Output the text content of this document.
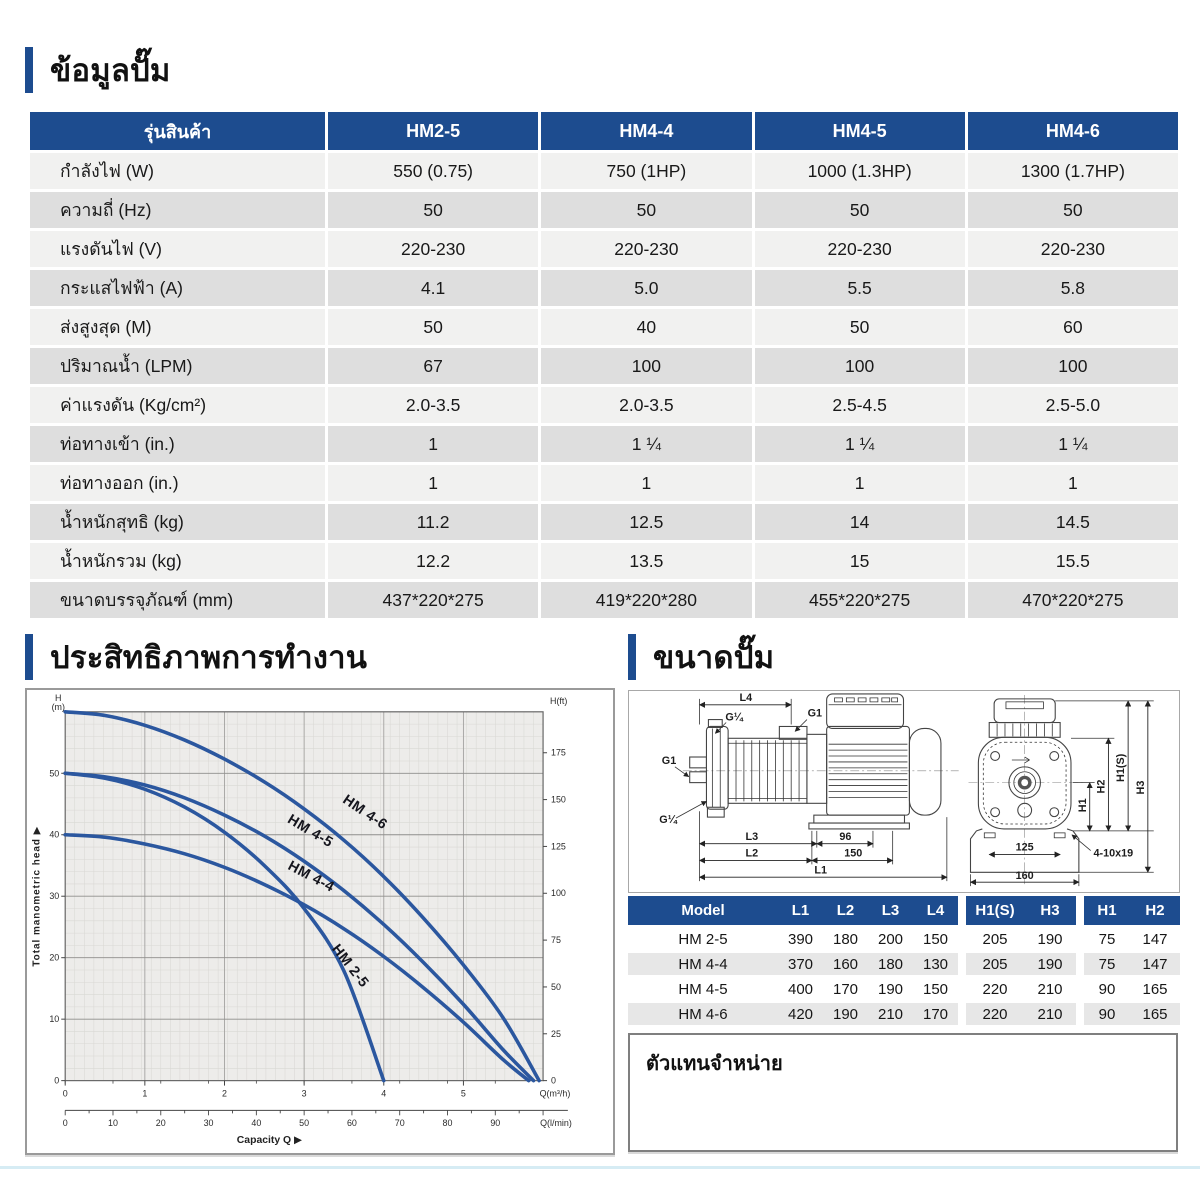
ข้อมูลปั๊ม
รุ่นสินค้า	HM2-5	HM4-4	HM4-5	HM4-6
กำลังไฟ (W)	550 (0.75)	750 (1HP)	1000 (1.3HP)	1300 (1.7HP)
ความถี่ (Hz)	50	50	50	50
แรงดันไฟ (V)	220-230	220-230	220-230	220-230
กระแสไฟฟ้า (A)	4.1	5.0	5.5	5.8
ส่งสูงสุด (M)	50	40	50	60
ปริมาณน้ำ (LPM)	67	100	100	100
ค่าแรงดัน (Kg/cm²)	2.0-3.5	2.0-3.5	2.5-4.5	2.5-5.0
ท่อทางเข้า (in.)	1	1 ¼	1 ¼	1 ¼
ท่อทางออก (in.)	1	1	1	1
น้ำหนักสุทธิ (kg)	11.2	12.5	14	14.5
น้ำหนักรวม (kg)	12.2	13.5	15	15.5
ขนาดบรรจุภัณฑ์ (mm)	437*220*275	419*220*280	455*220*275	470*220*275
ประสิทธิภาพการทำงาน
0
10
20
30
40
50
H (m)
0
25
50
75
100
125
150
175
H(ft)
0	1	2	3	4	5	Q(m³/h)
0	10	20	30	40	50	60	70	80	90	Q(l/min)
Capacity Q ▶
Total manometric head ▶
HM 4-6
HM 4-5
HM 4-4
HM 2-5
ขนาดปั๊ม
L4
G¼	G1
G1
G¼
L3	96
L2	150
L1
125
160
4-10x19
H1
H2
H1(S)
H3
Model	L1	L2	L3	L4	H1(S)	H3	H1	H2
HM 2-5	390	180	200	150	205	190	75	147
HM 4-4	370	160	180	130	205	190	75	147
HM 4-5	400	170	190	150	220	210	90	165
HM 4-6	420	190	210	170	220	210	90	165
ตัวแทนจำหน่าย
